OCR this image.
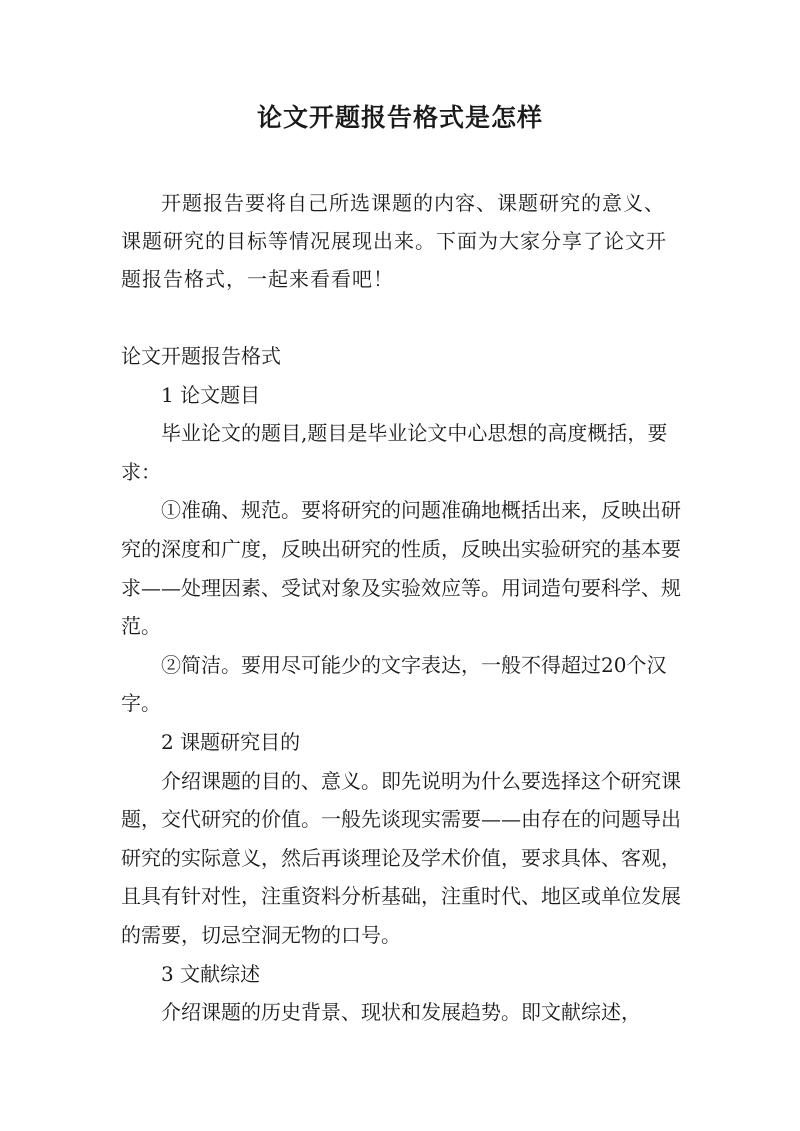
论文开题报告格式是怎样

开题报告要将自己所选课题的内容、课题研究的意义、课题研究的目标等情况展现出来。下面为大家分享了论文开题报告格式，一起来看看吧！

论文开题报告格式

1 论文题目

毕业论文的题目,题目是毕业论文中心思想的高度概括，要求：

①准确、规范。要将研究的问题准确地概括出来，反映出研究的深度和广度，反映出研究的性质，反映出实验研究的基本要求——处理因素、受试对象及实验效应等。用词造句要科学、规范。

②简洁。要用尽可能少的文字表达，一般不得超过20个汉字。

2 课题研究目的

介绍课题的目的、意义。即先说明为什么要选择这个研究课题，交代研究的价值。一般先谈现实需要——由存在的问题导出研究的实际意义，然后再谈理论及学术价值，要求具体、客观，且具有针对性，注重资料分析基础，注重时代、地区或单位发展的需要，切忌空洞无物的口号。

3 文献综述

介绍课题的历史背景、现状和发展趋势。即文献综述，
